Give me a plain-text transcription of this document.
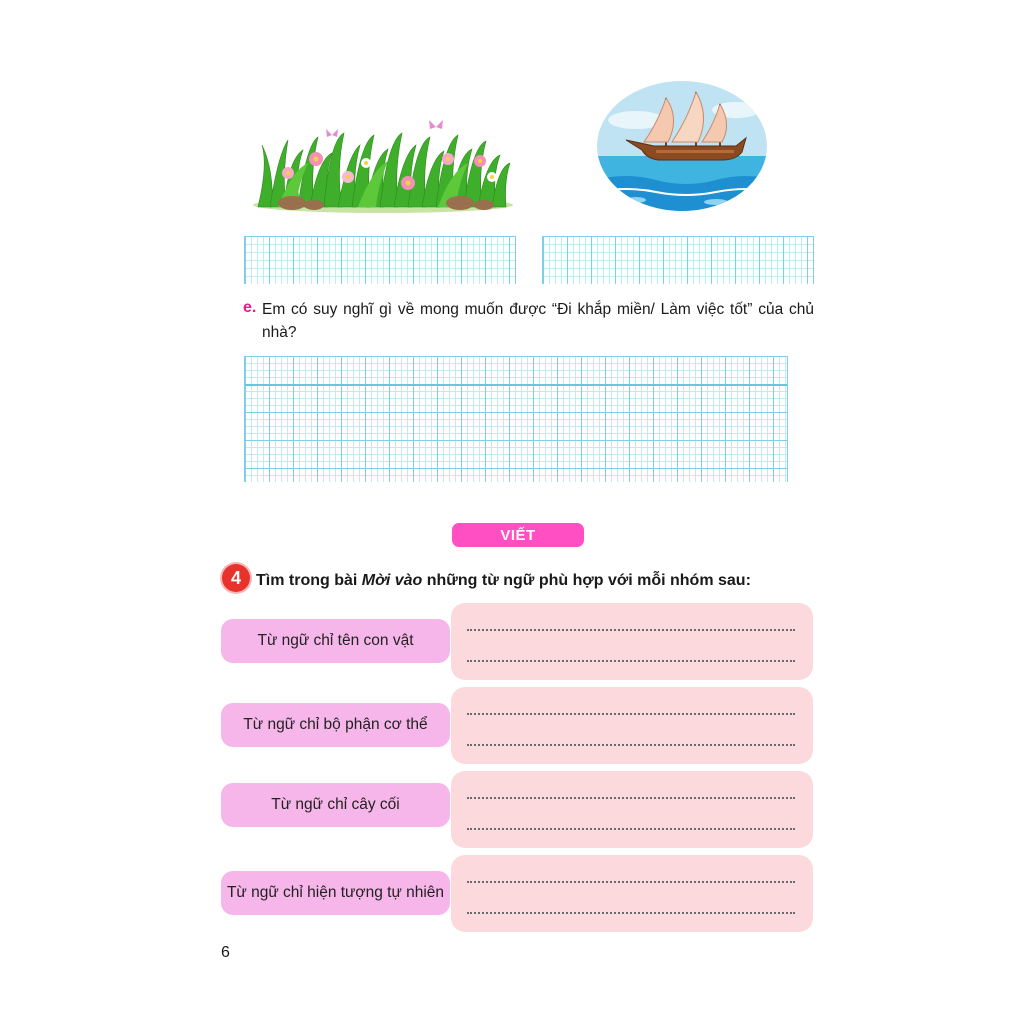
e. Em có suy nghĩ gì về mong muốn được “Đi khắp miền/ Làm việc tốt” của chủ nhà?
VIẾT
4 Tìm trong bài Mời vào những từ ngữ phù hợp với mỗi nhóm sau:
Từ ngữ chỉ tên con vật
Từ ngữ chỉ bộ phận cơ thể
Từ ngữ chỉ cây cối
Từ ngữ chỉ hiện tượng tự nhiên
6
